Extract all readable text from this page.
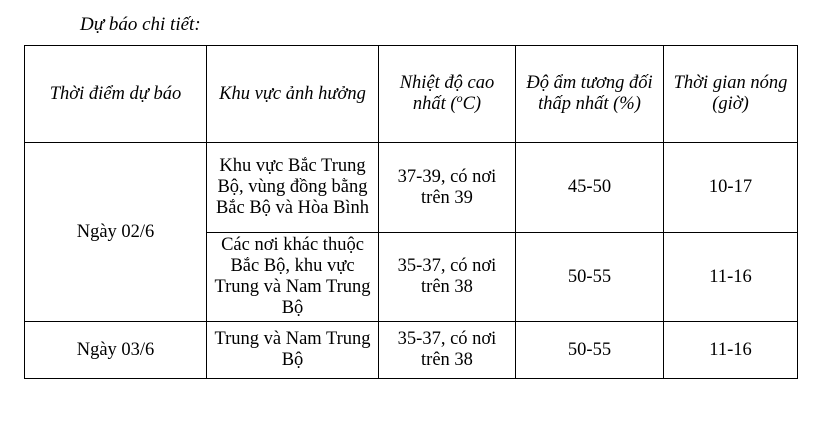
Dự báo chi tiết:
Thời điểm dự báo	Khu vực ảnh hưởng	Nhiệt độ cao nhất ($^o$C)	Độ ẩm tương đối thấp nhất (%)	Thời gian nóng (giờ)
Ngày 02/6	Khu vực Bắc Trung Bộ, vùng đồng bằng Bắc Bộ và Hòa Bình	37-39, có nơi trên 39	45-50	10-17
	Các nơi khác thuộc Bắc Bộ, khu vực Trung và Nam Trung Bộ	35-37, có nơi trên 38	50-55	11-16
Ngày 03/6	Trung và Nam Trung Bộ	35-37, có nơi trên 38	50-55	11-16
